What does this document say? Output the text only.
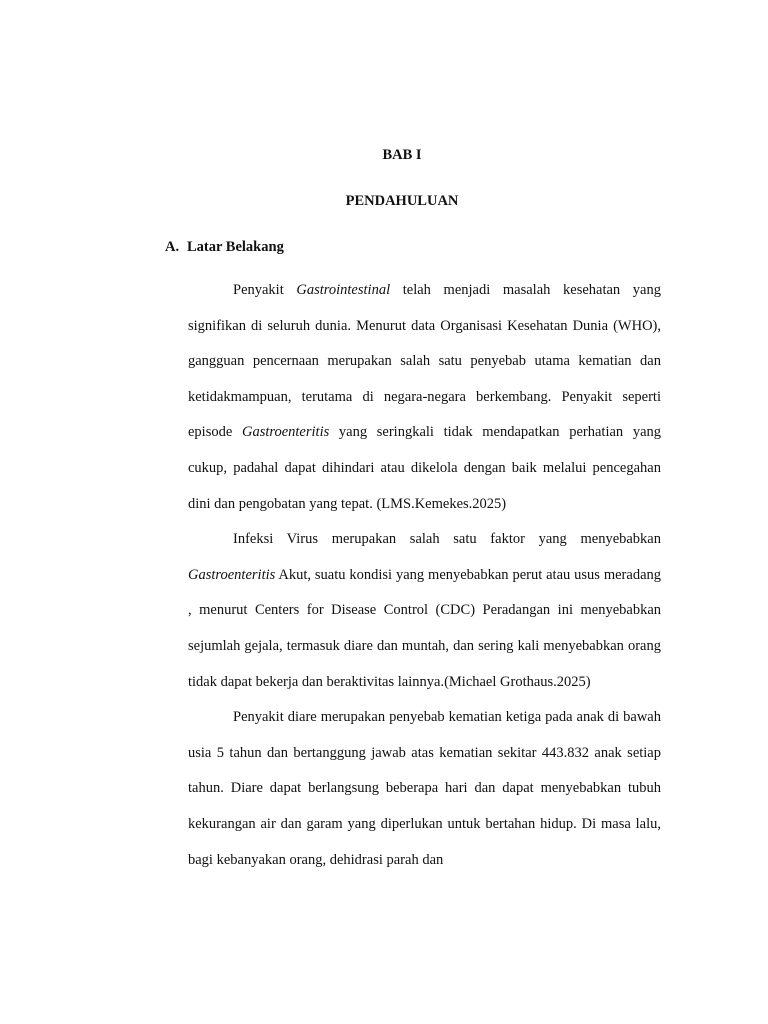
BAB I
PENDAHULUAN
A. Latar Belakang

Penyakit Gastrointestinal telah menjadi masalah kesehatan yang signifikan di seluruh dunia. Menurut data Organisasi Kesehatan Dunia (WHO), gangguan pencernaan merupakan salah satu penyebab utama kematian dan ketidakmampuan, terutama di negara-negara berkembang. Penyakit seperti episode Gastroenteritis yang seringkali tidak mendapatkan perhatian yang cukup, padahal dapat dihindari atau dikelola dengan baik melalui pencegahan dini dan pengobatan yang tepat. (LMS.Kemekes.2025)

Infeksi Virus merupakan salah satu faktor yang menyebabkan Gastroenteritis Akut, suatu kondisi yang menyebabkan perut atau usus meradang , menurut Centers for Disease Control (CDC) Peradangan ini menyebabkan sejumlah gejala, termasuk diare dan muntah, dan sering kali menyebabkan orang tidak dapat bekerja dan beraktivitas lainnya.(Michael Grothaus.2025)

Penyakit diare merupakan penyebab kematian ketiga pada anak di bawah usia 5 tahun dan bertanggung jawab atas kematian sekitar 443.832 anak setiap tahun. Diare dapat berlangsung beberapa hari dan dapat menyebabkan tubuh kekurangan air dan garam yang diperlukan untuk bertahan hidup. Di masa lalu, bagi kebanyakan orang, dehidrasi parah dan
